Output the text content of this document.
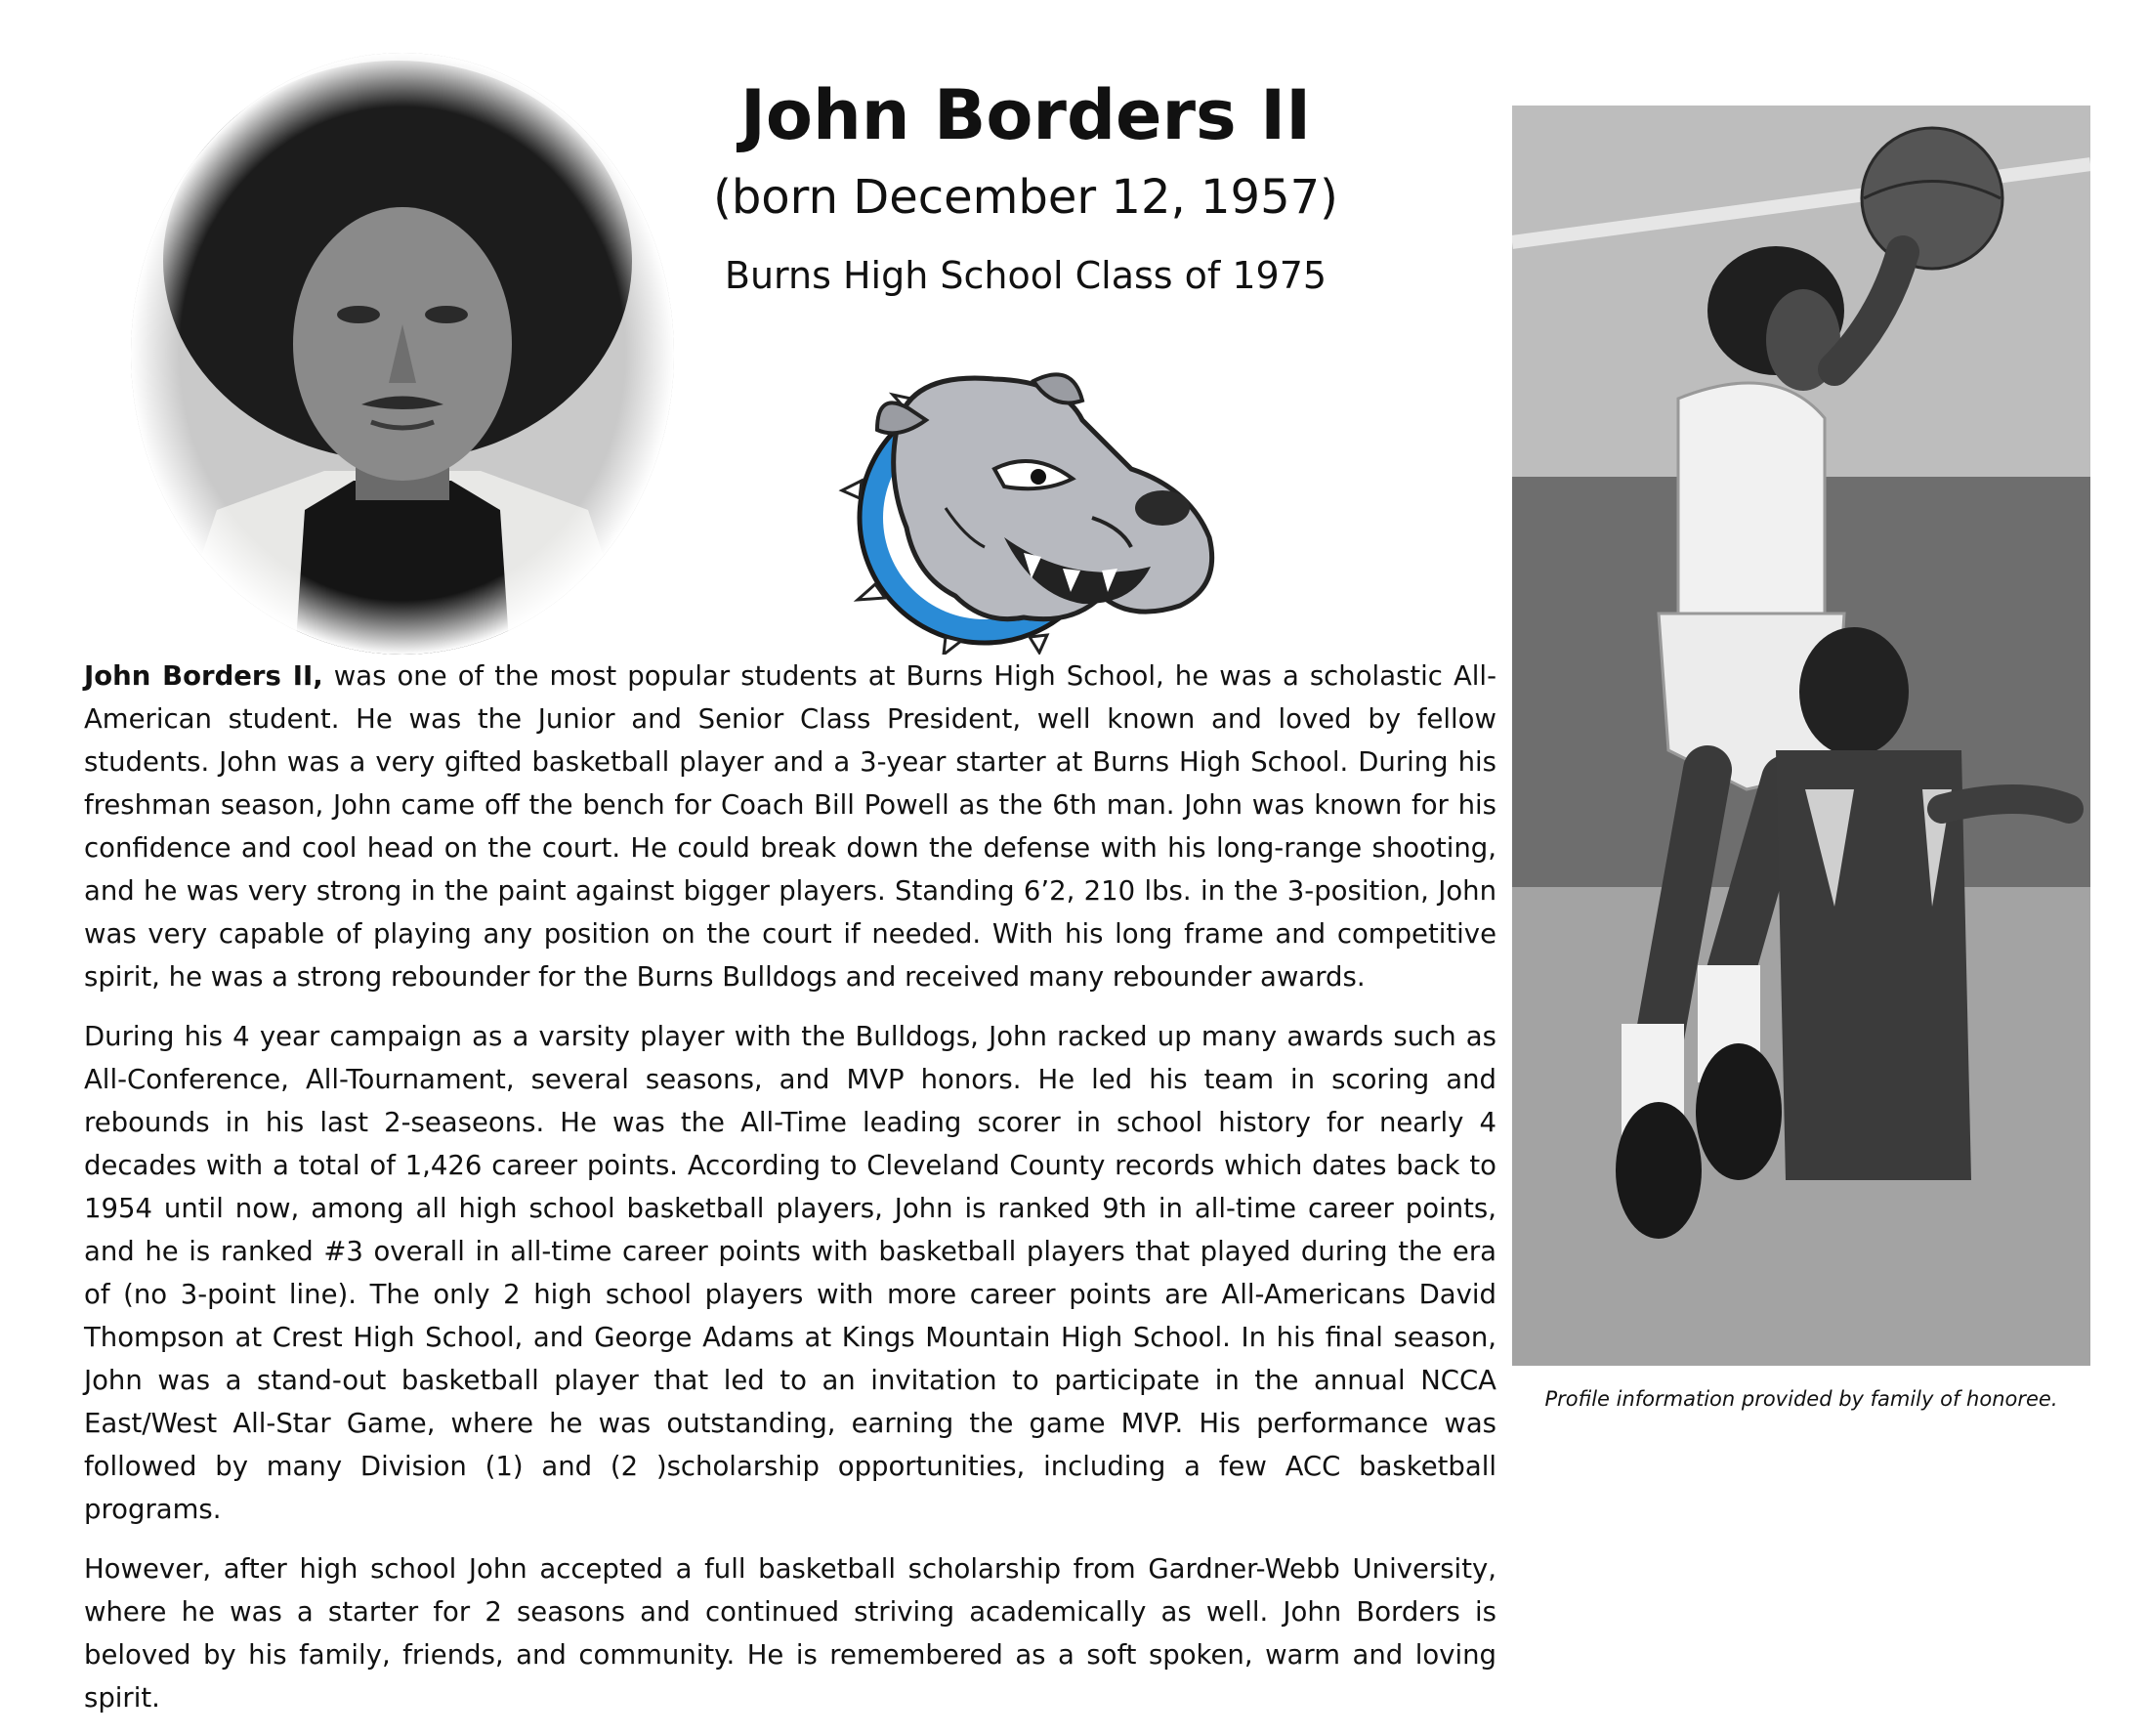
John Borders II
(born December 12, 1957)
Burns High School Class of 1975
Profile information provided by family of honoree.

John Borders II, was one of the most popular students at Burns High School, he was a scholastic All-American student. He was the Junior and Senior Class President, well known and loved by fellow students. John was a very gifted basketball player and a 3-year starter at Burns High School. During his freshman season, John came off the bench for Coach Bill Powell as the 6th man. John was known for his confidence and cool head on the court. He could break down the defense with his long-range shooting, and he was very strong in the paint against bigger players. Standing 6’2, 210 lbs. in the 3-position, John was very capable of playing any position on the court if needed. With his long frame and competitive spirit, he was a strong rebounder for the Burns Bulldogs and received many rebounder awards.

During his 4 year campaign as a varsity player with the Bulldogs, John racked up many awards such as All-Conference, All-Tournament, several seasons, and MVP honors. He led his team in scoring and rebounds in his last 2-seaseons. He was the All-Time leading scorer in school history for nearly 4 decades with a total of 1,426 career points. According to Cleveland County records which dates back to 1954 until now, among all high school basketball players, John is ranked 9th in all-time career points, and he is ranked #3 overall in all-time career points with basketball players that played during the era of (no 3-point line). The only 2 high school players with more career points are All-Americans David Thompson at Crest High School, and George Adams at Kings Mountain High School. In his final season, John was a stand-out basketball player that led to an invitation to participate in the annual NCCA East/West All-Star Game, where he was outstanding, earning the game MVP. His performance was followed by many Division (1) and (2 )scholarship opportunities, including a few ACC basketball programs.

However, after high school John accepted a full basketball scholarship from Gardner-Webb University, where he was a starter for 2 seasons and continued striving academically as well. John Borders is beloved by his family, friends, and community. He is remembered as a soft spoken, warm and loving spirit.
